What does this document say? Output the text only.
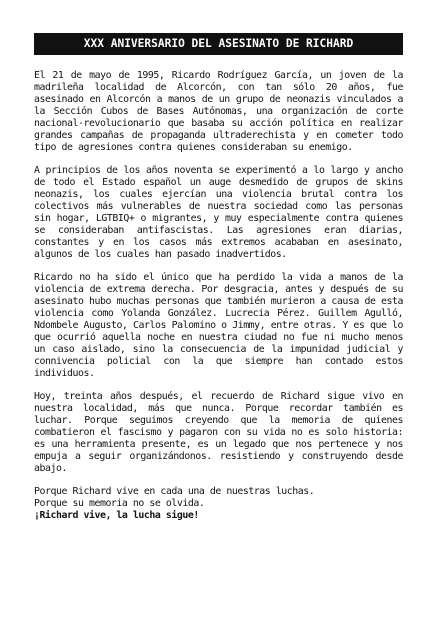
XXX ANIVERSARIO DEL ASESINATO DE RICHARD

El 21 de mayo de 1995, Ricardo Rodríguez García, un joven de la madrileña localidad de Alcorcón, con tan sólo 20 años, fue asesinado en Alcorcón a manos de un grupo de neonazis vinculados a la Sección Cubos de Bases Autónomas, una organización de corte nacional-revolucionario que basaba su acción política en realizar grandes campañas de propaganda ultraderechista y en cometer todo tipo de agresiones contra quienes consideraban su enemigo.

A principios de los años noventa se experimentó a lo largo y ancho de todo el Estado español un auge desmedido de grupos de skins neonazis, los cuales ejercían una violencia brutal contra los colectivos más vulnerables de nuestra sociedad como las personas sin hogar, LGTBIQ+ o migrantes, y muy especialmente contra quienes se consideraban antifascistas. Las agresiones eran diarias, constantes y en los casos más extremos acababan en asesinato, algunos de los cuales han pasado inadvertidos.

Ricardo no ha sido el único que ha perdido la vida a manos de la violencia de extrema derecha. Por desgracia, antes y después de su asesinato hubo muchas personas que también murieron a causa de esta violencia como Yolanda González. Lucrecia Pérez. Guillem Agulló, Ndombele Augusto, Carlos Palomino o Jimmy, entre otras. Y es que lo que ocurrió aquella noche en nuestra ciudad no fue ni mucho menos un caso aislado, sino la consecuencia de la impunidad judicial y connivencia policial con la que siempre han contado estos individuos.

Hoy, treinta años después, el recuerdo de Richard sigue vivo en nuestra localidad, más que nunca. Porque recordar también es luchar. Porque seguimos creyendo que la memoria de quienes combatieron el fascismo y pagaron con su vida no es solo historia: es una herramienta presente, es un legado que nos pertenece y nos empuja a seguir organizándonos. resistiendo y construyendo desde abajo.

Porque Richard vive en cada una de nuestras luchas.

Porque su memoria no se olvida.

¡Richard vive, la lucha sigue!
